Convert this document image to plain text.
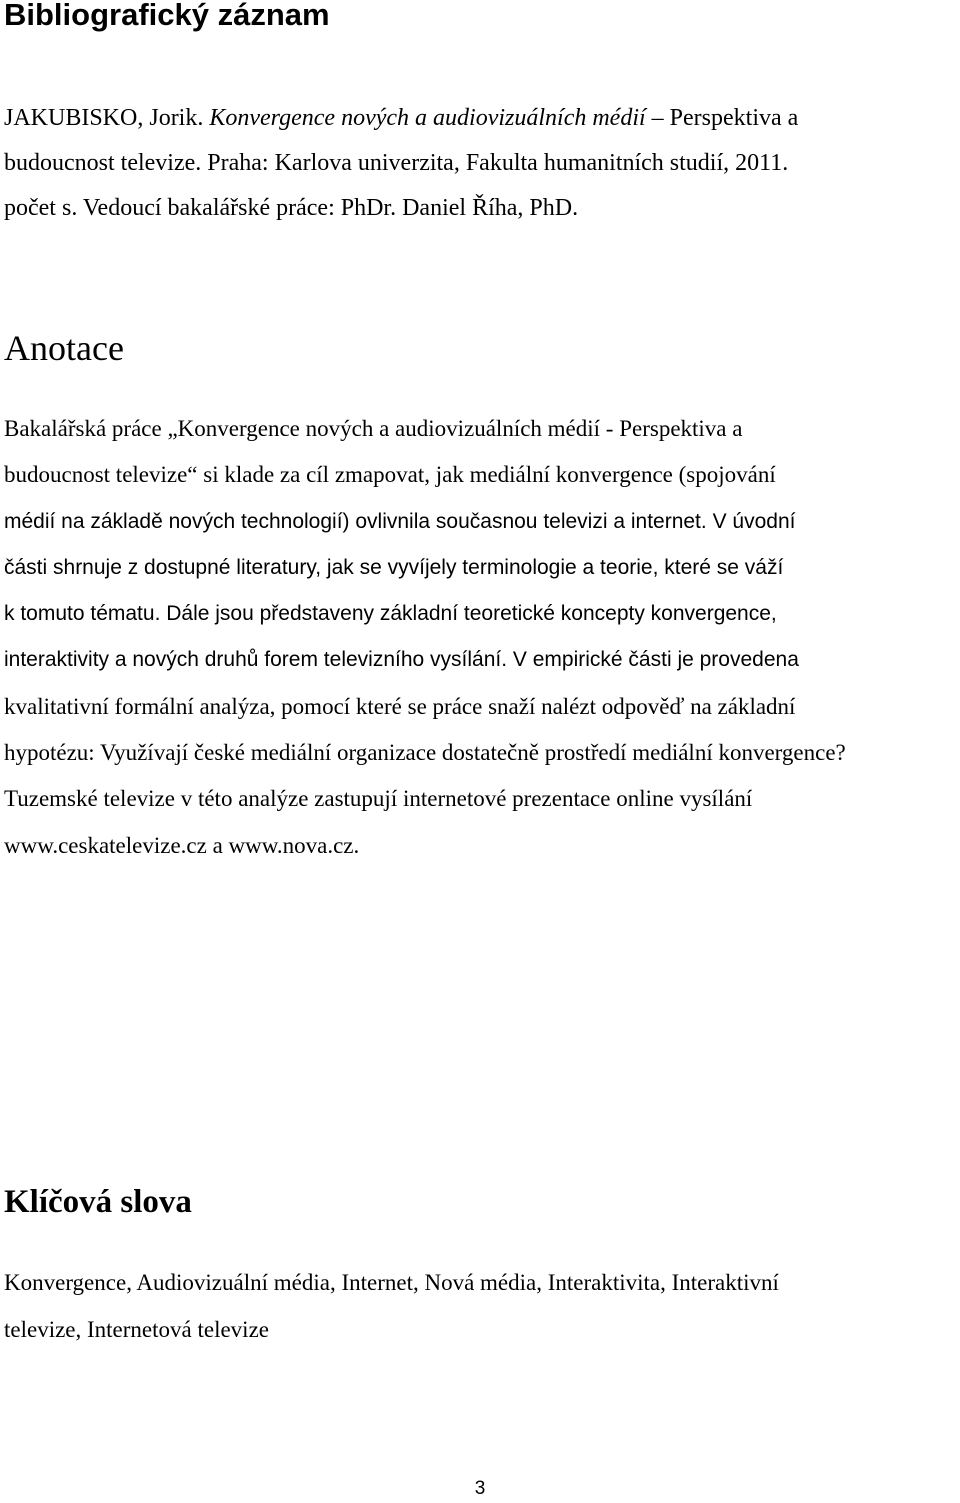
Bibliografický záznam
JAKUBISKO, Jorik. Konvergence nových a audiovizuálních médií – Perspektiva a
budoucnost televize. Praha: Karlova univerzita, Fakulta humanitních studií, 2011.
počet s. Vedoucí bakalářské práce: PhDr. Daniel Říha, PhD.
Anotace
Bakalářská práce „Konvergence nových a audiovizuálních médií - Perspektiva a
budoucnost televize“ si klade za cíl zmapovat, jak mediální konvergence (spojování
médií na základě nových technologií) ovlivnila současnou televizi a internet. V úvodní
části shrnuje z dostupné literatury, jak se vyvíjely terminologie a teorie, které se váží
k tomuto tématu. Dále jsou představeny základní teoretické koncepty konvergence,
interaktivity a nových druhů forem televizního vysílání. V empirické části je provedena
kvalitativní formální analýza, pomocí které se práce snaží nalézt odpověď na základní
hypotézu: Využívají české mediální organizace dostatečně prostředí mediální konvergence?
Tuzemské televize v této analýze zastupují internetové prezentace online vysílání
www.ceskatelevize.cz a www.nova.cz.
Klíčová slova
Konvergence, Audiovizuální média, Internet, Nová média, Interaktivita, Interaktivní
televize, Internetová televize
3
